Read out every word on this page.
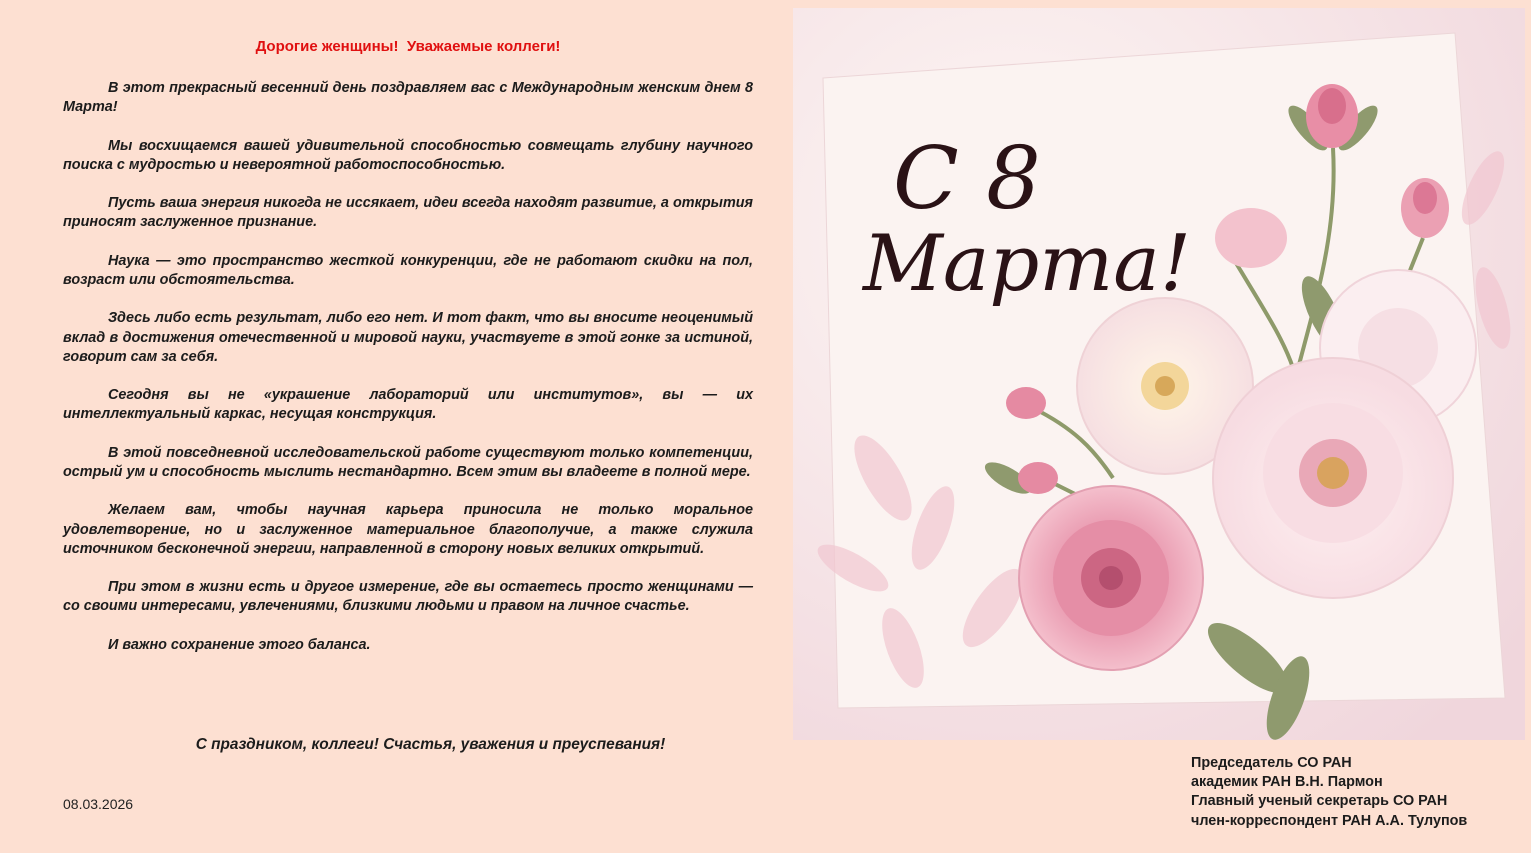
Дорогие женщины!  Уважаемые коллеги!

В этот прекрасный весенний день поздравляем вас с Международным женским днем 8 Марта!

Мы восхищаемся вашей удивительной способностью совмещать глубину научного поиска с мудростью и невероятной работоспособностью.

Пусть ваша энергия никогда не иссякает, идеи всегда находят развитие, а открытия приносят заслуженное признание.

Наука — это пространство жесткой конкуренции, где не работают скидки на пол, возраст или обстоятельства.

Здесь либо есть результат, либо его нет. И тот факт, что вы вносите неоценимый вклад в достижения отечественной и мировой науки, участвуете в этой гонке за истиной, говорит сам за себя.

Сегодня вы не «украшение лабораторий или институтов», вы — их интеллектуальный каркас, несущая конструкция.

В этой повседневной исследовательской работе существуют только компетенции, острый ум и способность мыслить нестандартно. Всем этим вы владеете в полной мере.

Желаем вам, чтобы научная карьера приносила не только моральное удовлетворение, но и заслуженное материальное благополучие, а также служила источником бесконечной энергии, направленной в сторону новых великих открытий.

При этом в жизни есть и другое измерение, где вы остаетесь просто женщинами — со своими интересами, увлечениями, близкими людьми и правом на личное счастье.

И важно сохранение этого баланса.

С праздником, коллеги! Счастья, уважения и преуспевания!
08.03.2026
С 8
Марта!
Председатель СО РАН
академик РАН В.Н. Пармон
Главный ученый секретарь СО РАН
член-корреспондент РАН А.А. Тулупов
